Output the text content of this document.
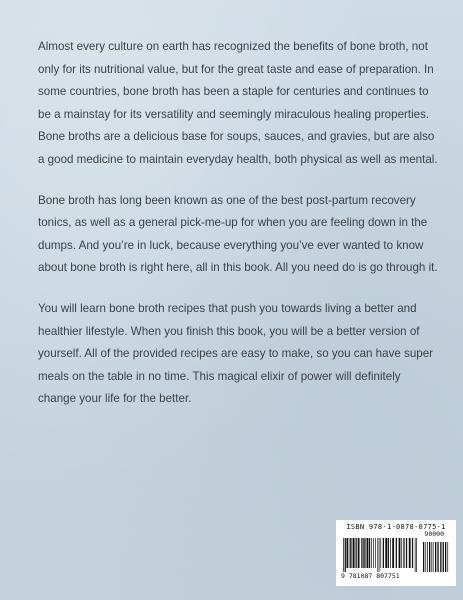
Almost every culture on earth has recognized the benefits of bone broth, not only for its nutritional value, but for the great taste and ease of preparation. In some countries, bone broth has been a staple for centuries and continues to be a mainstay for its versatility and seemingly miraculous healing properties. Bone broths are a delicious base for soups, sauces, and gravies, but are also a good medicine to maintain everyday health, both physical as well as mental.

Bone broth has long been known as one of the best post-partum recovery tonics, as well as a general pick-me-up for when you are feeling down in the dumps. And you’re in luck, because everything you’ve ever wanted to know about bone broth is right here, all in this book. All you need do is go through it.

You will learn bone broth recipes that push you towards living a better and healthier lifestyle. When you finish this book, you will be a better version of yourself. All of the provided recipes are easy to make, so you can have super meals on the table in no time. This magical elixir of power will definitely change your life for the better.

ISBN 978-1-0878-0775-1
90000
9 781087 807751
